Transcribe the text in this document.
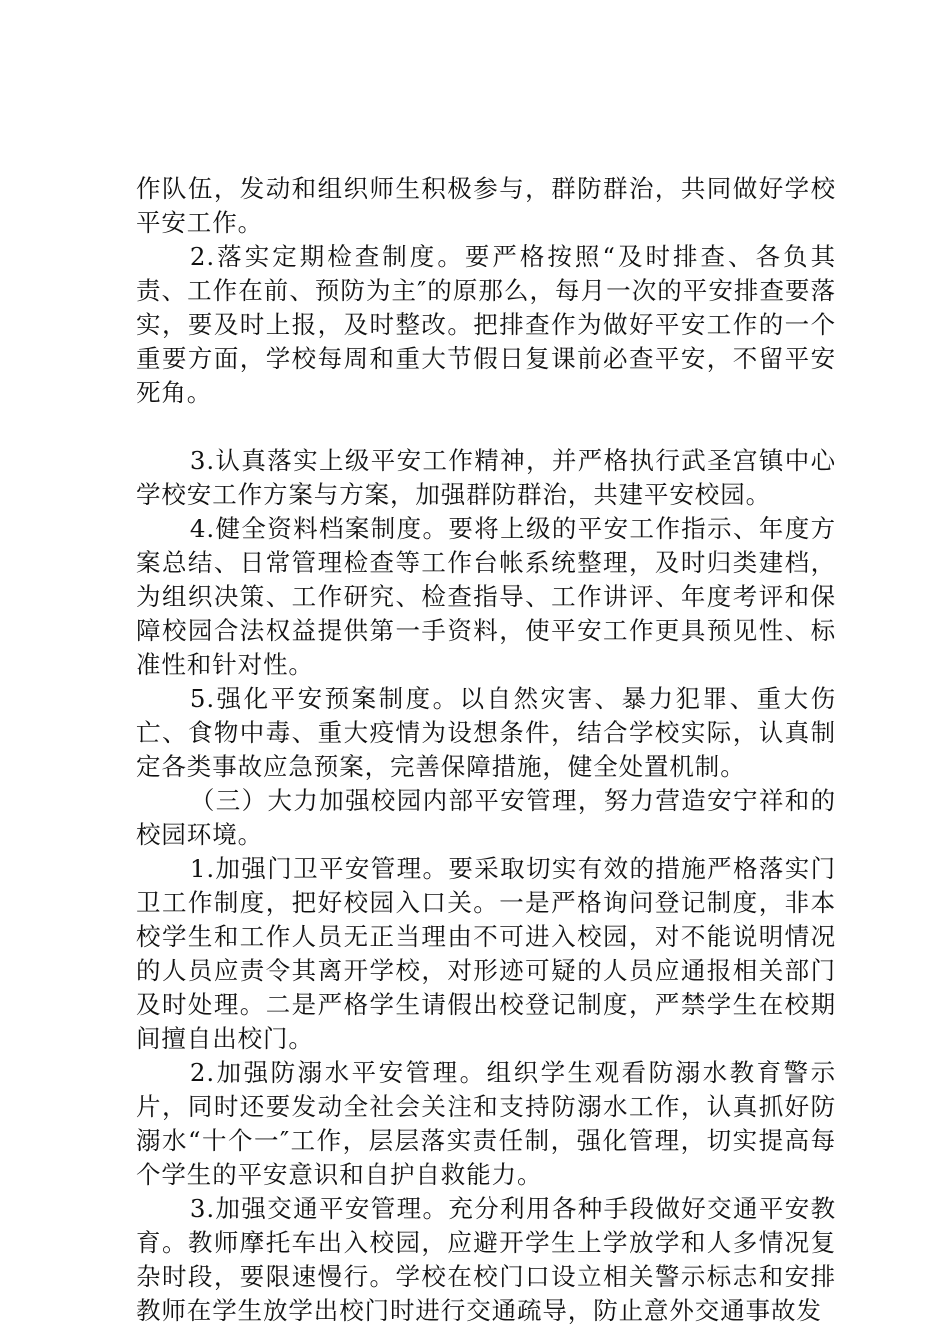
作队伍，发动和组织师生积极参与，群防群治，共同做好学校平安工作。

2.落实定期检查制度。要严格按照“及时排查、各负其责、工作在前、预防为主″的原那么，每月一次的平安排查要落实，要及时上报，及时整改。把排查作为做好平安工作的一个重要方面，学校每周和重大节假日复课前必查平安，不留平安死角。

3.认真落实上级平安工作精神，并严格执行武圣宫镇中心学校安工作方案与方案，加强群防群治，共建平安校园。

4.健全资料档案制度。要将上级的平安工作指示、年度方案总结、日常管理检查等工作台帐系统整理，及时归类建档，为组织决策、工作研究、检查指导、工作讲评、年度考评和保障校园合法权益提供第一手资料，使平安工作更具预见性、标准性和针对性。

5.强化平安预案制度。以自然灾害、暴力犯罪、重大伤亡、食物中毒、重大疫情为设想条件，结合学校实际，认真制定各类事故应急预案，完善保障措施，健全处置机制。

（三）大力加强校园内部平安管理，努力营造安宁祥和的校园环境。

1.加强门卫平安管理。要采取切实有效的措施严格落实门卫工作制度，把好校园入口关。一是严格询问登记制度，非本校学生和工作人员无正当理由不可进入校园，对不能说明情况的人员应责令其离开学校，对形迹可疑的人员应通报相关部门及时处理。二是严格学生请假出校登记制度，严禁学生在校期间擅自出校门。

2.加强防溺水平安管理。组织学生观看防溺水教育警示片，同时还要发动全社会关注和支持防溺水工作，认真抓好防溺水“十个一″工作，层层落实责任制，强化管理，切实提高每个学生的平安意识和自护自救能力。

3.加强交通平安管理。充分利用各种手段做好交通平安教育。教师摩托车出入校园，应避开学生上学放学和人多情况复杂时段，要限速慢行。学校在校门口设立相关警示标志和安排教师在学生放学出校门时进行交通疏导，防止意外交通事故发
